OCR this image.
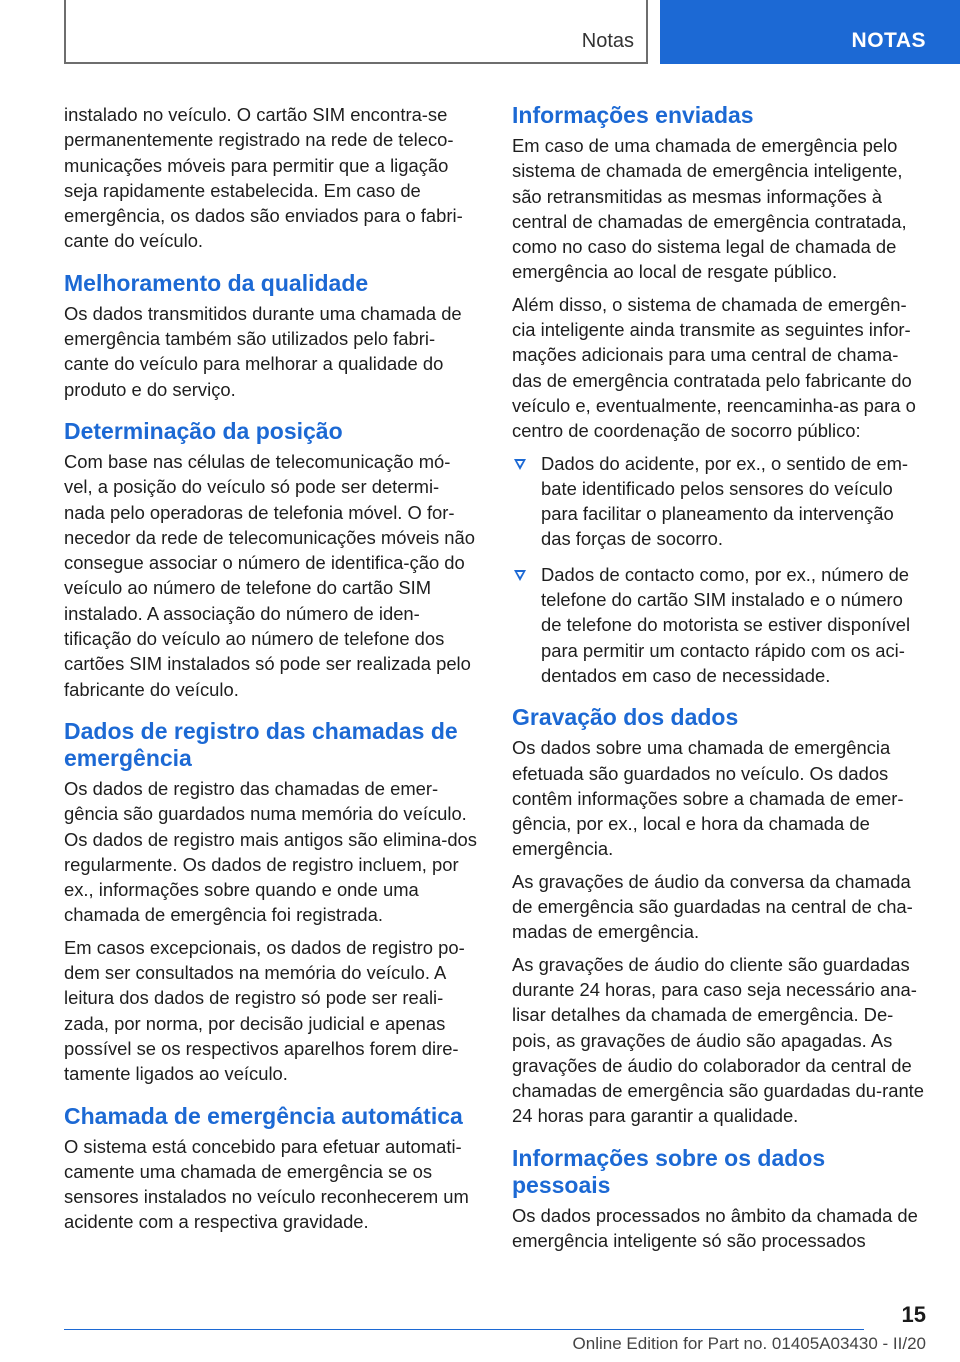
Notas	NOTAS

instalado no veículo. O cartão SIM encontra-se permanentemente registrado na rede de teleco-municações móveis para permitir que a ligação seja rapidamente estabelecida. Em caso de emergência, os dados são enviados para o fabri-cante do veículo.

Melhoramento da qualidade

Os dados transmitidos durante uma chamada de emergência também são utilizados pelo fabri-cante do veículo para melhorar a qualidade do produto e do serviço.

Determinação da posição

Com base nas células de telecomunicação mó-vel, a posição do veículo só pode ser determi-nada pelo operadoras de telefonia móvel. O for-necedor da rede de telecomunicações móveis não consegue associar o número de identifica-ção do veículo ao número de telefone do cartão SIM instalado. A associação do número de iden-tificação do veículo ao número de telefone dos cartões SIM instalados só pode ser realizada pelo fabricante do veículo.

Dados de registro das chamadas de emergência

Os dados de registro das chamadas de emer-gência são guardados numa memória do veículo. Os dados de registro mais antigos são elimina-dos regularmente. Os dados de registro incluem, por ex., informações sobre quando e onde uma chamada de emergência foi registrada.

Em casos excepcionais, os dados de registro po-dem ser consultados na memória do veículo. A leitura dos dados de registro só pode ser reali-zada, por norma, por decisão judicial e apenas possível se os respectivos aparelhos forem dire-tamente ligados ao veículo.

Chamada de emergência automática

O sistema está concebido para efetuar automati-camente uma chamada de emergência se os sensores instalados no veículo reconhecerem um acidente com a respectiva gravidade.

Informações enviadas

Em caso de uma chamada de emergência pelo sistema de chamada de emergência inteligente, são retransmitidas as mesmas informações à central de chamadas de emergência contratada, como no caso do sistema legal de chamada de emergência ao local de resgate público.

Além disso, o sistema de chamada de emergên-cia inteligente ainda transmite as seguintes infor-mações adicionais para uma central de chama-das de emergência contratada pelo fabricante do veículo e, eventualmente, reencaminha-as para o centro de coordenação de socorro público:

Dados do acidente, por ex., o sentido de em-bate identificado pelos sensores do veículo para facilitar o planeamento da intervenção das forças de socorro.
Dados de contacto como, por ex., número de telefone do cartão SIM instalado e o número de telefone do motorista se estiver disponível para permitir um contacto rápido com os aci-dentados em caso de necessidade.
Gravação dos dados

Os dados sobre uma chamada de emergência efetuada são guardados no veículo. Os dados contêm informações sobre a chamada de emer-gência, por ex., local e hora da chamada de emergência.

As gravações de áudio da conversa da chamada de emergência são guardadas na central de cha-madas de emergência.

As gravações de áudio do cliente são guardadas durante 24 horas, para caso seja necessário ana-lisar detalhes da chamada de emergência. De-pois, as gravações de áudio são apagadas. As gravações de áudio do colaborador da central de chamadas de emergência são guardadas du-rante 24 horas para garantir a qualidade.

Informações sobre os dados pessoais

Os dados processados no âmbito da chamada de emergência inteligente só são processados

15
Online Edition for Part no. 01405A03430 - II/20
